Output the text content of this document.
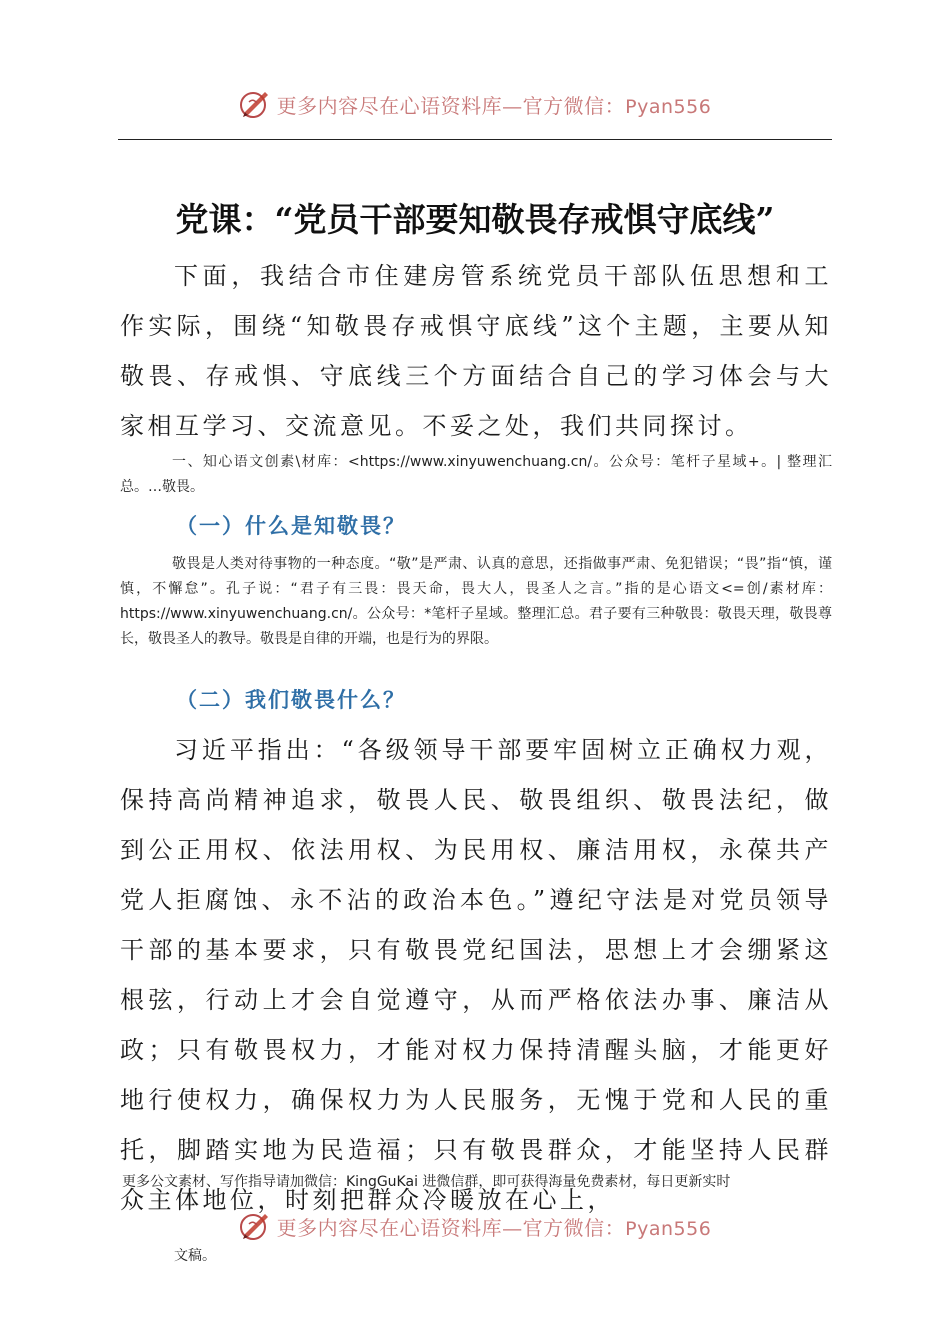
更多内容尽在心语资料库—官方微信：Pyan556
党课：“党员干部要知敬畏存戒惧守底线”

下面，我结合市住建房管系统党员干部队伍思想和工作实际，围绕“知敬畏存戒惧守底线”这个主题，主要从知敬畏、存戒惧、守底线三个方面结合自己的学习体会与大家相互学习、交流意见。不妥之处，我们共同探讨。

一、知心语文创素\材库：<https://www.xinyuwenchuang.cn/。公众号：笔杆子星域+。| 整理汇总。…敬畏。

（一）什么是知敬畏？

敬畏是人类对待事物的一种态度。“敬”是严肃、认真的意思，还指做事严肃、免犯错误；“畏”指“慎，谨慎，不懈怠”。孔子说：“君子有三畏：畏天命，畏大人，畏圣人之言。”指的是心语文<=创/素材库：https://www.xinyuwenchuang.cn/。公众号：*笔杆子星域。整理汇总。君子要有三种敬畏：敬畏天理，敬畏尊长，敬畏圣人的教导。敬畏是自律的开端，也是行为的界限。

（二）我们敬畏什么？

习近平指出：“各级领导干部要牢固树立正确权力观，保持高尚精神追求，敬畏人民、敬畏组织、敬畏法纪，做到公正用权、依法用权、为民用权、廉洁用权，永葆共产党人拒腐蚀、永不沾的政治本色。”遵纪守法是对党员领导干部的基本要求，只有敬畏党纪国法，思想上才会绷紧这根弦，行动上才会自觉遵守，从而严格依法办事、廉洁从政；只有敬畏权力，才能对权力保持清醒头脑，才能更好地行使权力，确保权力为人民服务，无愧于党和人民的重托，脚踏实地为民造福；只有敬畏群众，才能坚持人民群众主体地位，时刻把群众冷暖放在心上，

更多公文素材、写作指导请加微信：KingGuKai 进微信群，即可获得海量免费素材，每日更新实时

更多内容尽在心语资料库—官方微信：Pyan556

文稿。
